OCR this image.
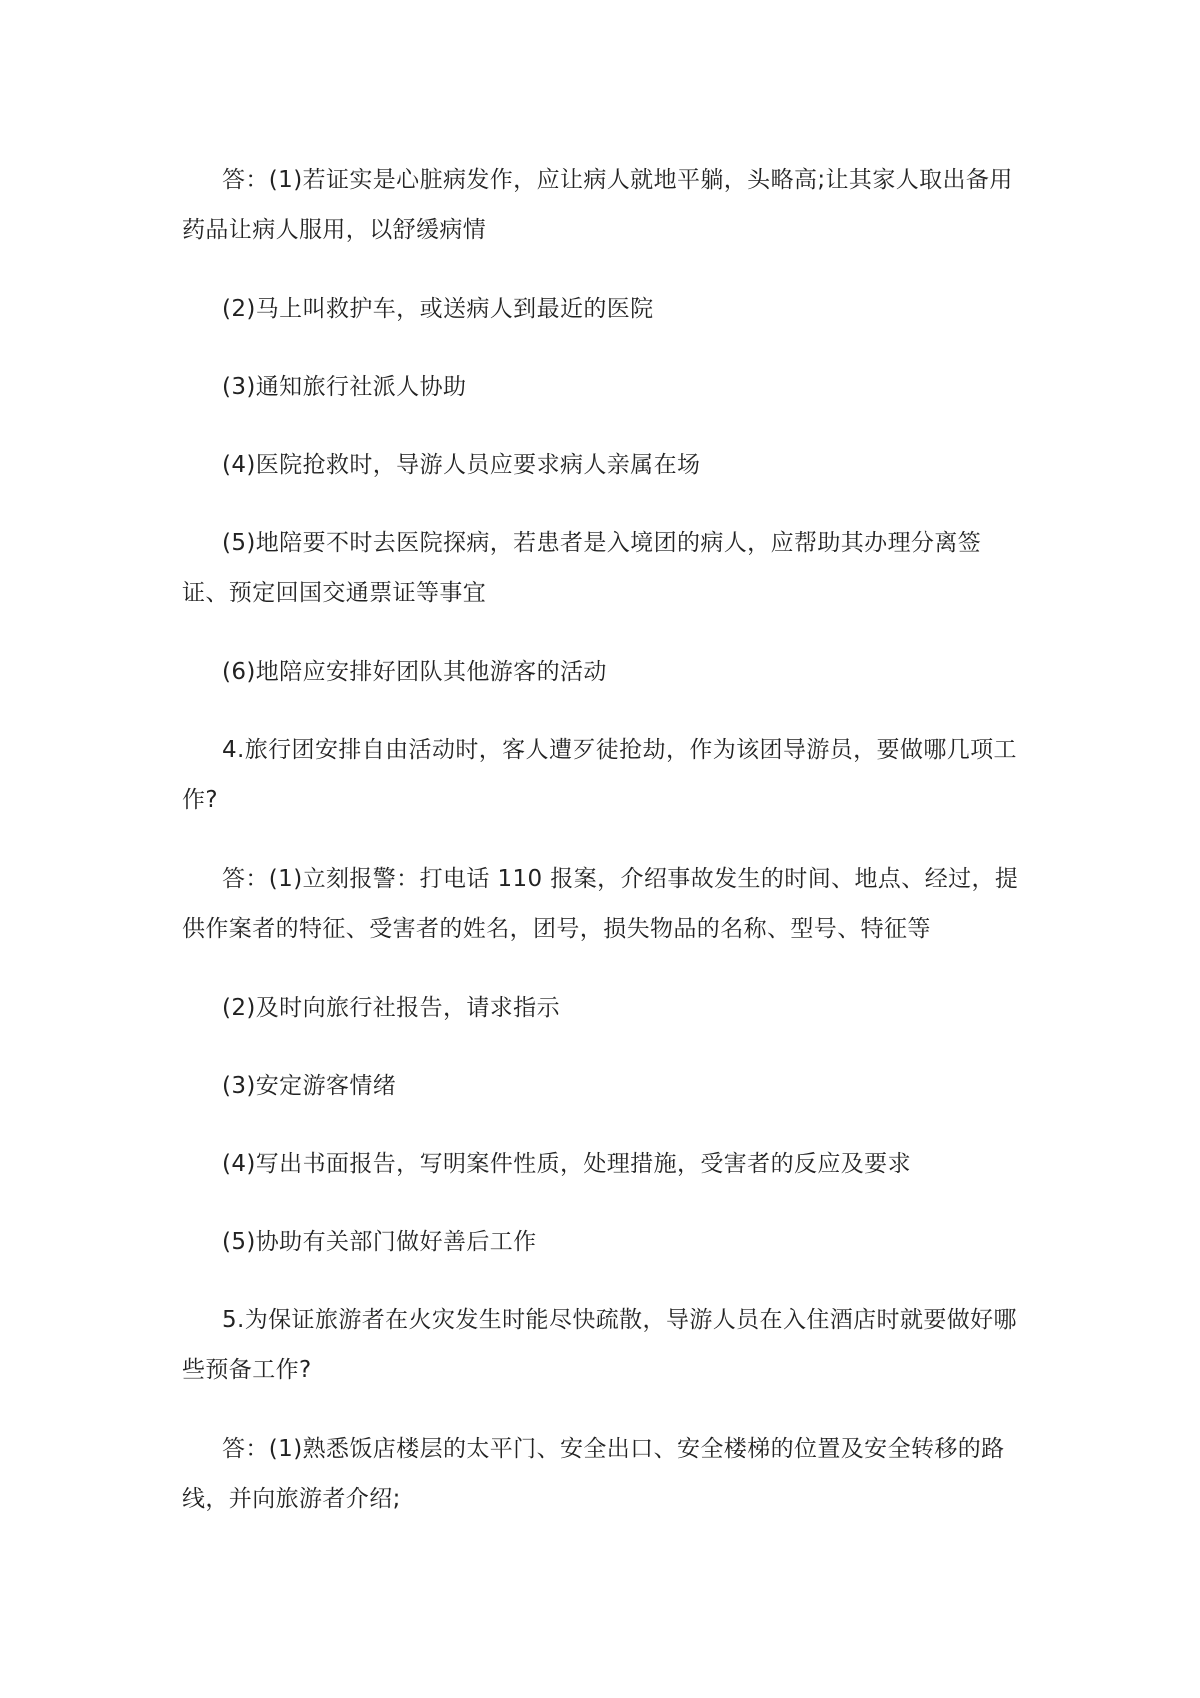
答：(1)若证实是心脏病发作，应让病人就地平躺，头略高;让其家人取出备用药品让病人服用，以舒缓病情

(2)马上叫救护车，或送病人到最近的医院

(3)通知旅行社派人协助

(4)医院抢救时，导游人员应要求病人亲属在场

(5)地陪要不时去医院探病，若患者是入境团的病人，应帮助其办理分离签证、预定回国交通票证等事宜

(6)地陪应安排好团队其他游客的活动

4.旅行团安排自由活动时，客人遭歹徒抢劫，作为该团导游员，要做哪几项工作?

答：(1)立刻报警：打电话 110 报案，介绍事故发生的时间、地点、经过，提供作案者的特征、受害者的姓名，团号，损失物品的名称、型号、特征等

(2)及时向旅行社报告，请求指示

(3)安定游客情绪

(4)写出书面报告，写明案件性质，处理措施，受害者的反应及要求

(5)协助有关部门做好善后工作

5.为保证旅游者在火灾发生时能尽快疏散，导游人员在入住酒店时就要做好哪些预备工作?

答：(1)熟悉饭店楼层的太平门、安全出口、安全楼梯的位置及安全转移的路线，并向旅游者介绍;
